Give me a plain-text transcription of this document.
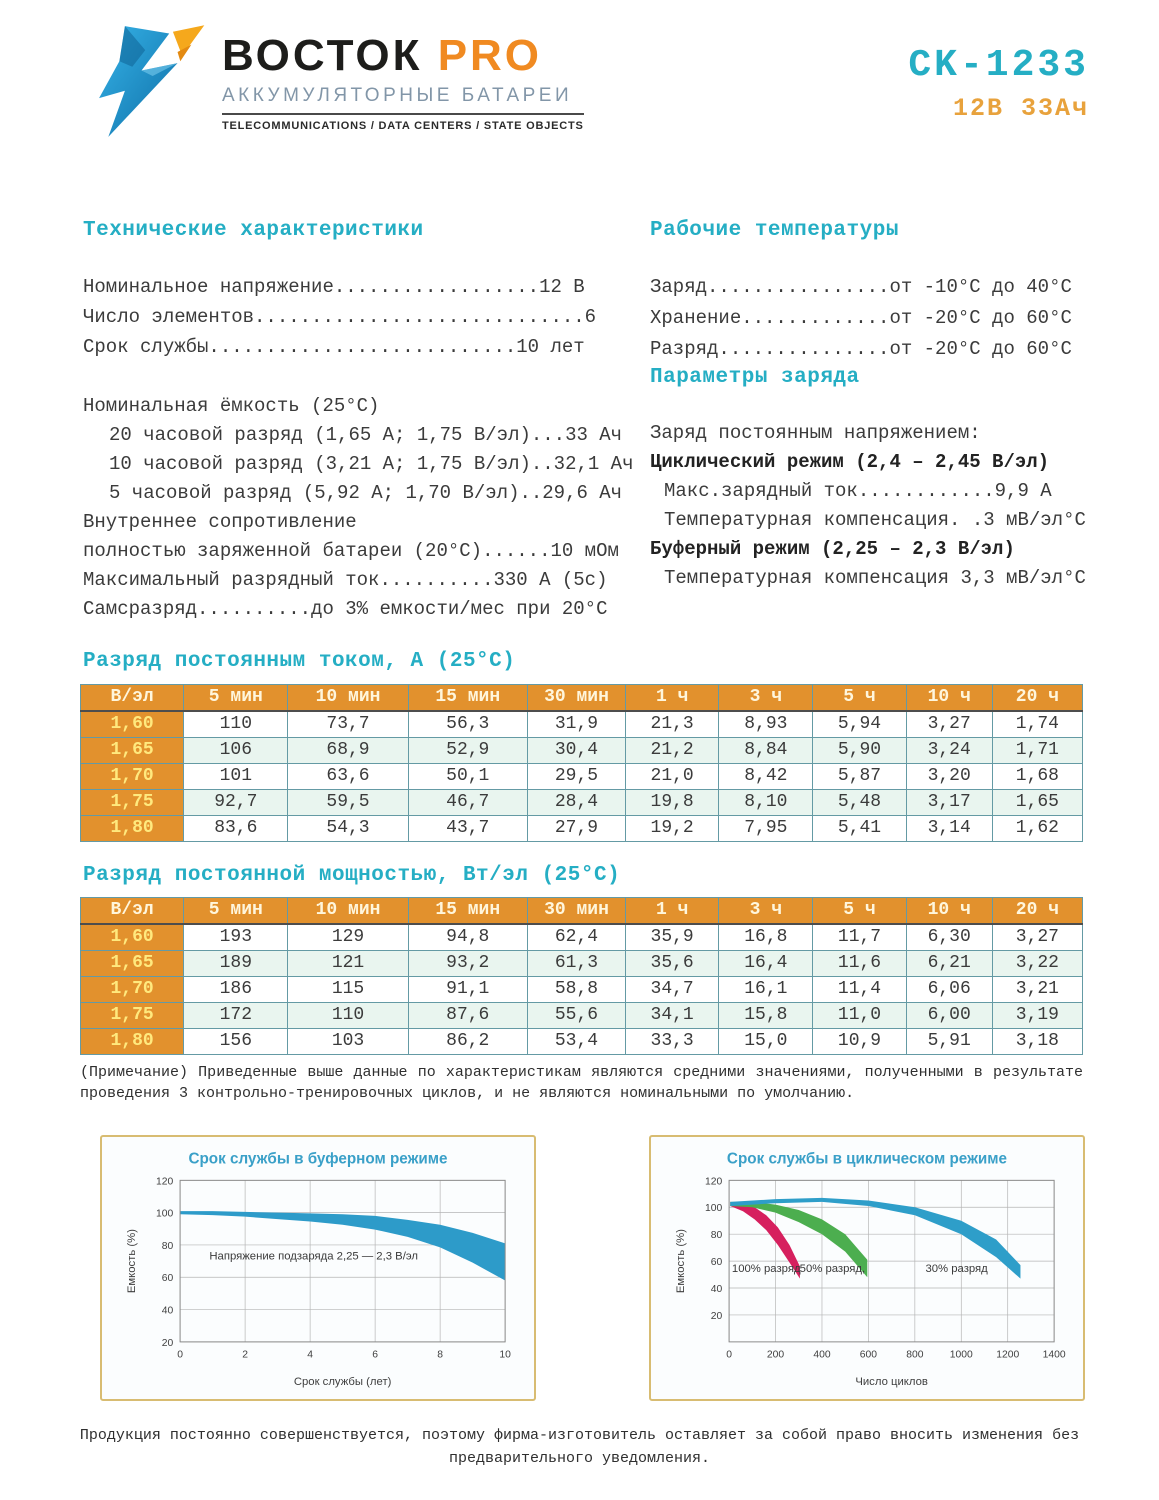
ВОСТОК PRO
АККУМУЛЯТОРНЫЕ БАТАРЕИ
TELECOMMUNICATIONS / DATA CENTERS / STATE OBJECTS
CK-1233
12В 33Ач
Технические характеристики
Номинальное напряжение..................12 В
Число элементов.............................6
Срок службы...........................10 лет
Номинальная ёмкость (25°C)
20 часовой разряд (1,65 А; 1,75 В/эл)...33 Ач
10 часовой разряд (3,21 А; 1,75 В/эл)..32,1 Ач
5 часовой разряд (5,92 А; 1,70 В/эл)..29,6 Ач
Внутреннее сопротивление
полностью заряженной батареи (20°C)......10 мОм
Максимальный разрядный ток..........330 А (5с)
Самсразряд..........до 3% емкости/мес при 20°C
Рабочие температуры
Заряд................от -10°C до 40°C
Хранение.............от -20°C до 60°C
Разряд...............от -20°C до 60°C
Параметры заряда
Заряд постоянным напряжением:
Циклический режим (2,4 – 2,45 В/эл)
Макс.зарядный ток............9,9 А
Температурная компенсация. .3 мВ/эл°С
Буферный режим (2,25 – 2,3 В/эл)
Температурная компенсация 3,3 мВ/эл°С
Разряд постоянным током, А (25°C)
В/эл	5 мин	10 мин	15 мин	30 мин	1 ч	3 ч	5 ч	10 ч	20 ч
1,60	110	73,7	56,3	31,9	21,3	8,93	5,94	3,27	1,74
1,65	106	68,9	52,9	30,4	21,2	8,84	5,90	3,24	1,71
1,70	101	63,6	50,1	29,5	21,0	8,42	5,87	3,20	1,68
1,75	92,7	59,5	46,7	28,4	19,8	8,10	5,48	3,17	1,65
1,80	83,6	54,3	43,7	27,9	19,2	7,95	5,41	3,14	1,62
Разряд постоянной мощностью, Вт/эл (25°C)
В/эл	5 мин	10 мин	15 мин	30 мин	1 ч	3 ч	5 ч	10 ч	20 ч
1,60	193	129	94,8	62,4	35,9	16,8	11,7	6,30	3,27
1,65	189	121	93,2	61,3	35,6	16,4	11,6	6,21	3,22
1,70	186	115	91,1	58,8	34,7	16,1	11,4	6,06	3,21
1,75	172	110	87,6	55,6	34,1	15,8	11,0	6,00	3,19
1,80	156	103	86,2	53,4	33,3	15,0	10,9	5,91	3,18
(Примечание) Приведенные выше данные по характеристикам являются средними значениями, полученными в результате проведения 3 контрольно-тренировочных циклов, и не являются номинальными по умолчанию.
0	2	4	6	8	10
20
40
60
80
100
120
Срок службы (лет)
Емкость (%)
Срок службы в буферном режиме
Напряжение подзаряда 2,25 — 2,3 В/эл
0	200	400	600	800	1000 1200 1400
20
40
60
80
100
120
Число циклов
Емкость (%)
Срок службы в циклическом режиме
100% разряд 50% разряд,	30% разряд
Продукция постоянно совершенствуется, поэтому фирма-изготовитель оставляет за собой право вносить изменения без предварительного уведомления.
